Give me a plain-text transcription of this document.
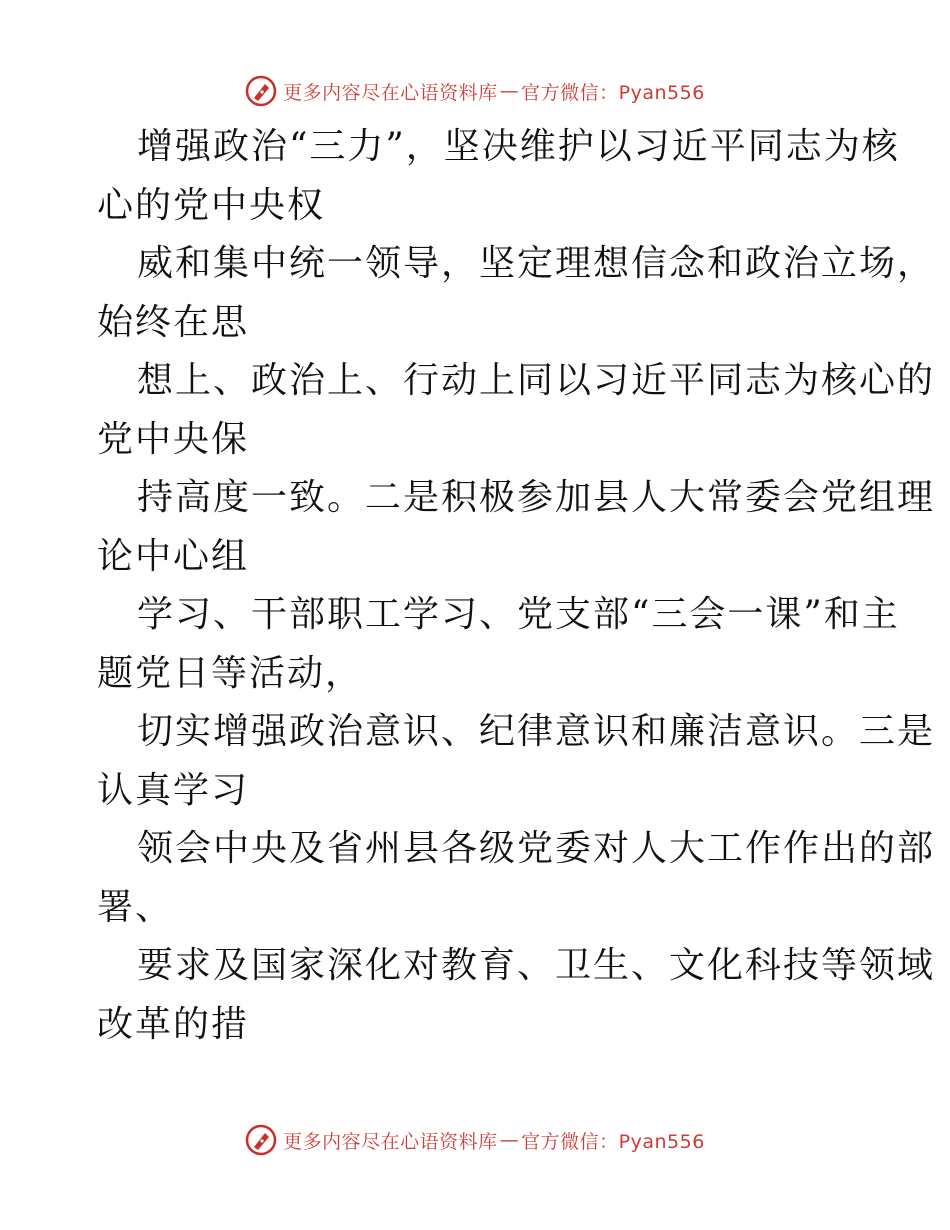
更多内容尽在心语资料库 — 官方微信：Pyan556
增强政治“三力”，坚决维护以习近平同志为核
心的党中央权
威和集中统一领导，坚定理想信念和政治立场，
始终在思
想上、政治上、行动上同以习近平同志为核心的
党中央保
持高度一致。二是积极参加县人大常委会党组理
论中心组
学习、干部职工学习、党支部“三会一课”和主
题党日等活动，
切实增强政治意识、纪律意识和廉洁意识。三是
认真学习
领会中央及省州县各级党委对人大工作作出的部
署、
要求及国家深化对教育、卫生、文化科技等领域
改革的措
更多内容尽在心语资料库 — 官方微信：Pyan556
